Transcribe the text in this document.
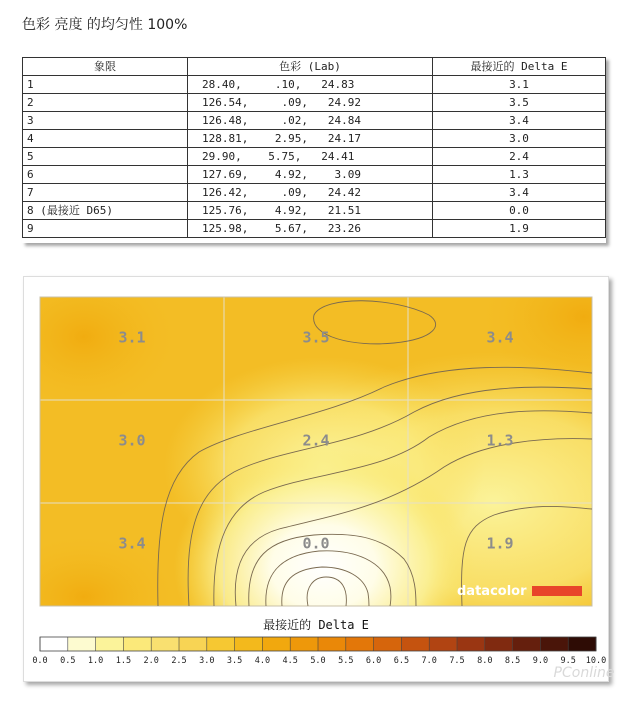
色彩 亮度 的均匀性 100%
象限	色彩 (Lab)	最接近的 Delta E
1	28.40,     .10,   24.83	3.1
2	126.54,     .09,   24.92	3.5
3	126.48,     .02,   24.84	3.4
4	128.81,    2.95,   24.17	3.0
5	29.90,    5.75,   24.41	2.4
6	127.69,    4.92,    3.09	1.3
7	126.42,     .09,   24.42	3.4
8 (最接近 D65)	125.76,    4.92,   21.51	0.0
9	125.98,    5.67,   23.26	1.9
3.1	3.5	3.4
3.0	2.4	1.3
3.4	0.0	1.9
datacolor
最接近的 Delta E
0.0 0.5 1.0 1.5 2.0 2.5 3.0 3.5 4.0 4.5 5.0 5.5 6.0 6.5 7.0 7.5 8.0 8.5 9.0 9.5 10.0
PConline
